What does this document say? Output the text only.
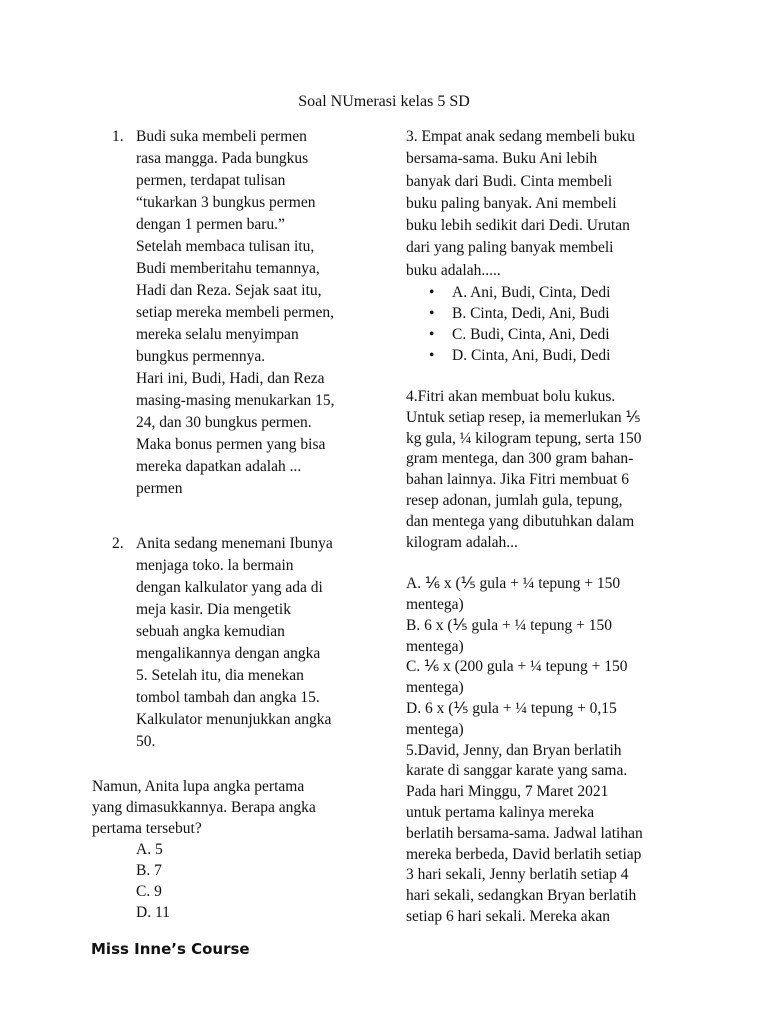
Soal NUmerasi kelas 5 SD
1. Budi suka membeli permen
rasa mangga. Pada bungkus
permen, terdapat tulisan
“tukarkan 3 bungkus permen
dengan 1 permen baru.”
Setelah membaca tulisan itu,
Budi memberitahu temannya,
Hadi dan Reza. Sejak saat itu,
setiap mereka membeli permen,
mereka selalu menyimpan
bungkus permennya.
Hari ini, Budi, Hadi, dan Reza
masing-masing menukarkan 15,
24, dan 30 bungkus permen.
Maka bonus permen yang bisa
mereka dapatkan adalah ...
permen
2. Anita sedang menemani Ibunya
menjaga toko. la bermain
dengan kalkulator yang ada di
meja kasir. Dia mengetik
sebuah angka kemudian
mengalikannya dengan angka
5. Setelah itu, dia menekan
tombol tambah dan angka 15.
Kalkulator menunjukkan angka
50.
Namun, Anita lupa angka pertama
yang dimasukkannya. Berapa angka
pertama tersebut?
A. 5
B. 7
C. 9
D. 11
3. Empat anak sedang membeli buku
bersama-sama. Buku Ani lebih
banyak dari Budi. Cinta membeli
buku paling banyak. Ani membeli
buku lebih sedikit dari Dedi. Urutan
dari yang paling banyak membeli
buku adalah.....
• A. Ani, Budi, Cinta, Dedi
• B. Cinta, Dedi, Ani, Budi
• C. Budi, Cinta, Ani, Dedi
• D. Cinta, Ani, Budi, Dedi
4.Fitri akan membuat bolu kukus.
Untuk setiap resep, ia memerlukan ⅕
kg gula, ¼ kilogram tepung, serta 150
gram mentega, dan 300 gram bahan-
bahan lainnya. Jika Fitri membuat 6
resep adonan, jumlah gula, tepung,
dan mentega yang dibutuhkan dalam
kilogram adalah...
A. ⅙ x (⅕ gula + ¼ tepung + 150
mentega)
B. 6 x (⅕ gula + ¼ tepung + 150
mentega)
C. ⅙ x (200 gula + ¼ tepung + 150
mentega)
D. 6 x (⅕ gula + ¼ tepung + 0,15
mentega)
5.David, Jenny, dan Bryan berlatih
karate di sanggar karate yang sama.
Pada hari Minggu, 7 Maret 2021
untuk pertama kalinya mereka
berlatih bersama-sama. Jadwal latihan
mereka berbeda, David berlatih setiap
3 hari sekali, Jenny berlatih setiap 4
hari sekali, sedangkan Bryan berlatih
setiap 6 hari sekali. Mereka akan
Miss Inne’s Course
